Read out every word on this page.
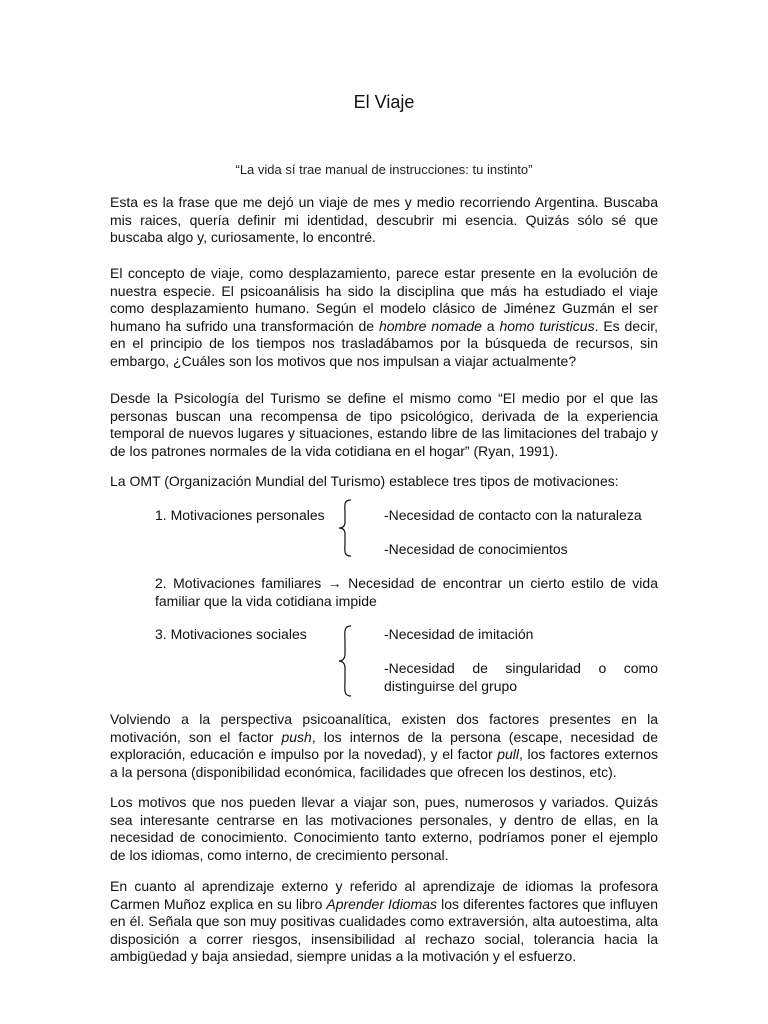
El Viaje
“La vida sí trae manual de instrucciones: tu instinto”

Esta es la frase que me dejó un viaje de mes y medio recorriendo Argentina. Buscaba mis raices, quería definir mi identidad, descubrir mi esencia. Quizás sólo sé que buscaba algo y, curiosamente, lo encontré.

El concepto de viaje, como desplazamiento, parece estar presente en la evolución de nuestra especie. El psicoanálisis ha sido la disciplina que más ha estudiado el viaje como desplazamiento humano. Según el modelo clásico de Jiménez Guzmán el ser humano ha sufrido una transformación de hombre nomade a homo turisticus. Es decir, en el principio de los tiempos nos trasladábamos por la búsqueda de recursos, sin embargo, ¿Cuáles son los motivos que nos impulsan a viajar actualmente?

Desde la Psicología del Turismo se define el mismo como “El medio por el que las personas buscan una recompensa de tipo psicológico, derivada de la experiencia temporal de nuevos lugares y situaciones, estando libre de las limitaciones del trabajo y de los patrones normales de la vida cotidiana en el hogar” (Ryan, 1991).

La OMT (Organización Mundial del Turismo) establece tres tipos de motivaciones:

1. Motivaciones personales	-Necesidad de contacto con la naturaleza
-Necesidad de conocimientos

2. Motivaciones familiares → Necesidad de encontrar un cierto estilo de vida familiar que la vida cotidiana impide

3. Motivaciones sociales	-Necesidad de imitación
-Necesidad de singularidad o como distinguirse del grupo

Volviendo a la perspectiva psicoanalítica, existen dos factores presentes en la motivación, son el factor push, los internos de la persona (escape, necesidad de exploración, educación e impulso por la novedad), y el factor pull, los factores externos a la persona (disponibilidad económica, facilidades que ofrecen los destinos, etc).

Los motivos que nos pueden llevar a viajar son, pues, numerosos y variados. Quizás sea interesante centrarse en las motivaciones personales, y dentro de ellas, en la necesidad de conocimiento. Conocimiento tanto externo, podríamos poner el ejemplo de los idiomas, como interno, de crecimiento personal.

En cuanto al aprendizaje externo y referido al aprendizaje de idiomas la profesora Carmen Muñoz explica en su libro Aprender Idiomas los diferentes factores que influyen en él. Señala que son muy positivas cualidades como extraversión, alta autoestima, alta disposición a correr riesgos, insensibilidad al rechazo social, tolerancia hacia la ambigüedad y baja ansiedad, siempre unidas a la motivación y el esfuerzo.
